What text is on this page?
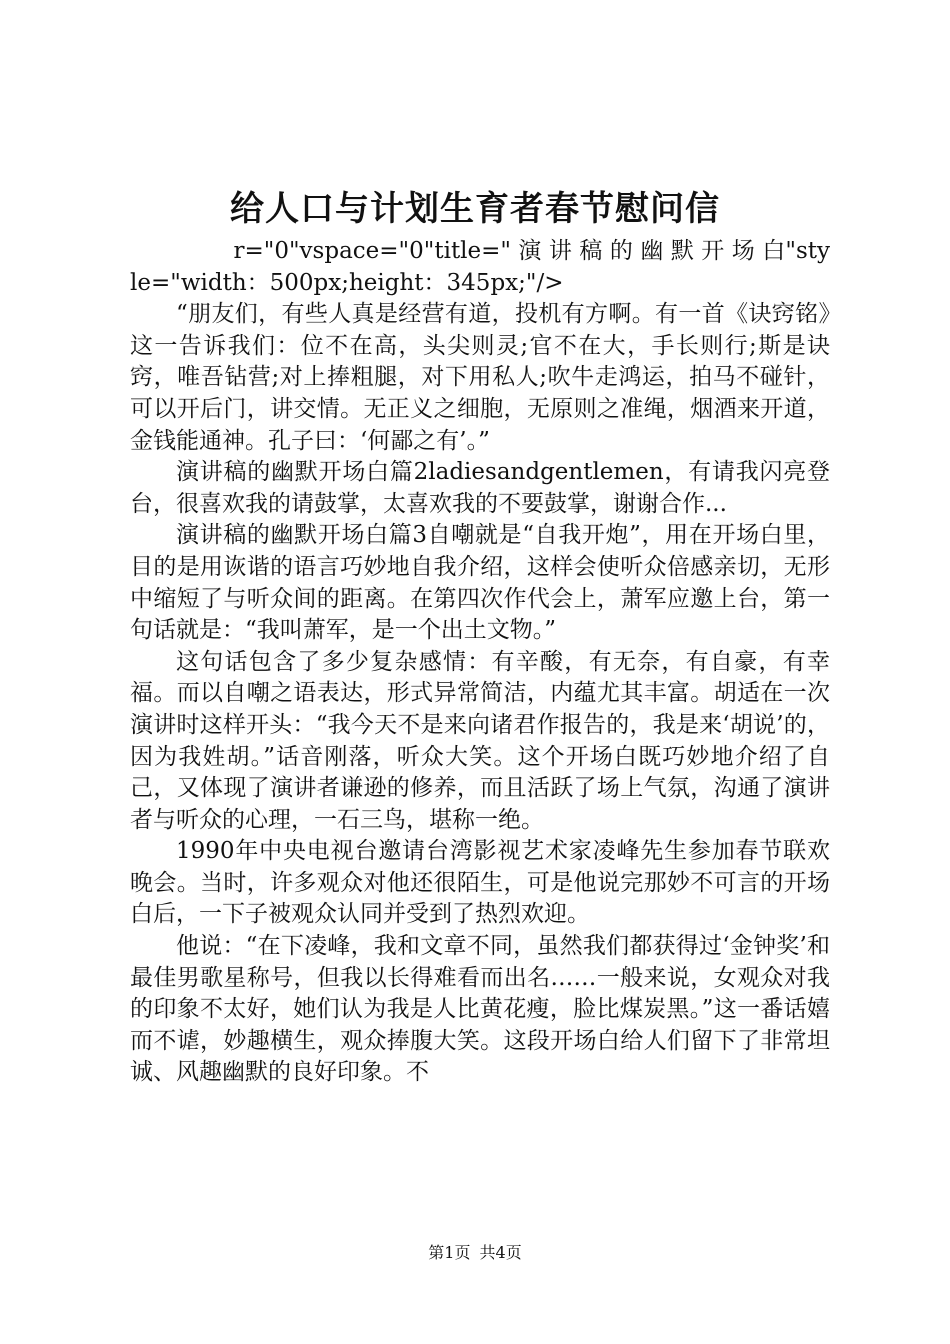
给人口与计划生育者春节慰问信

r="0"vspace="0"title=" 演 讲 稿 的 幽 默 开 场 白"style="width：500px;height：345px;"/>

“朋友们，有些人真是经营有道，投机有方啊。有一首《诀窍铭》这一告诉我们：位不在高，头尖则灵;官不在大，手长则行;斯是诀窍，唯吾钻营;对上捧粗腿，对下用私人;吹牛走鸿运，拍马不碰针，可以开后门，讲交情。无正义之细胞，无原则之准绳，烟酒来开道，金钱能通神。孔子曰：‘何鄙之有’。”

演讲稿的幽默开场白篇2ladiesandgentlemen，有请我闪亮登台，很喜欢我的请鼓掌，太喜欢我的不要鼓掌，谢谢合作...

演讲稿的幽默开场白篇3自嘲就是“自我开炮”，用在开场白里，目的是用诙谐的语言巧妙地自我介绍，这样会使听众倍感亲切，无形中缩短了与听众间的距离。在第四次作代会上，萧军应邀上台，第一句话就是：“我叫萧军，是一个出土文物。”

这句话包含了多少复杂感情：有辛酸，有无奈，有自豪，有幸福。而以自嘲之语表达，形式异常简洁，内蕴尤其丰富。胡适在一次演讲时这样开头：“我今天不是来向诸君作报告的，我是来‘胡说’的，因为我姓胡。”话音刚落，听众大笑。这个开场白既巧妙地介绍了自己，又体现了演讲者谦逊的修养，而且活跃了场上气氛，沟通了演讲者与听众的心理，一石三鸟，堪称一绝。

1990年中央电视台邀请台湾影视艺术家凌峰先生参加春节联欢晚会。当时，许多观众对他还很陌生，可是他说完那妙不可言的开场白后，一下子被观众认同并受到了热烈欢迎。

他说：“在下凌峰，我和文章不同，虽然我们都获得过‘金钟奖’和最佳男歌星称号，但我以长得难看而出名……一般来说，女观众对我的印象不太好，她们认为我是人比黄花瘦，脸比煤炭黑。”这一番话嬉而不谑，妙趣横生，观众捧腹大笑。这段开场白给人们留下了非常坦诚、风趣幽默的良好印象。不

第1页 共4页
